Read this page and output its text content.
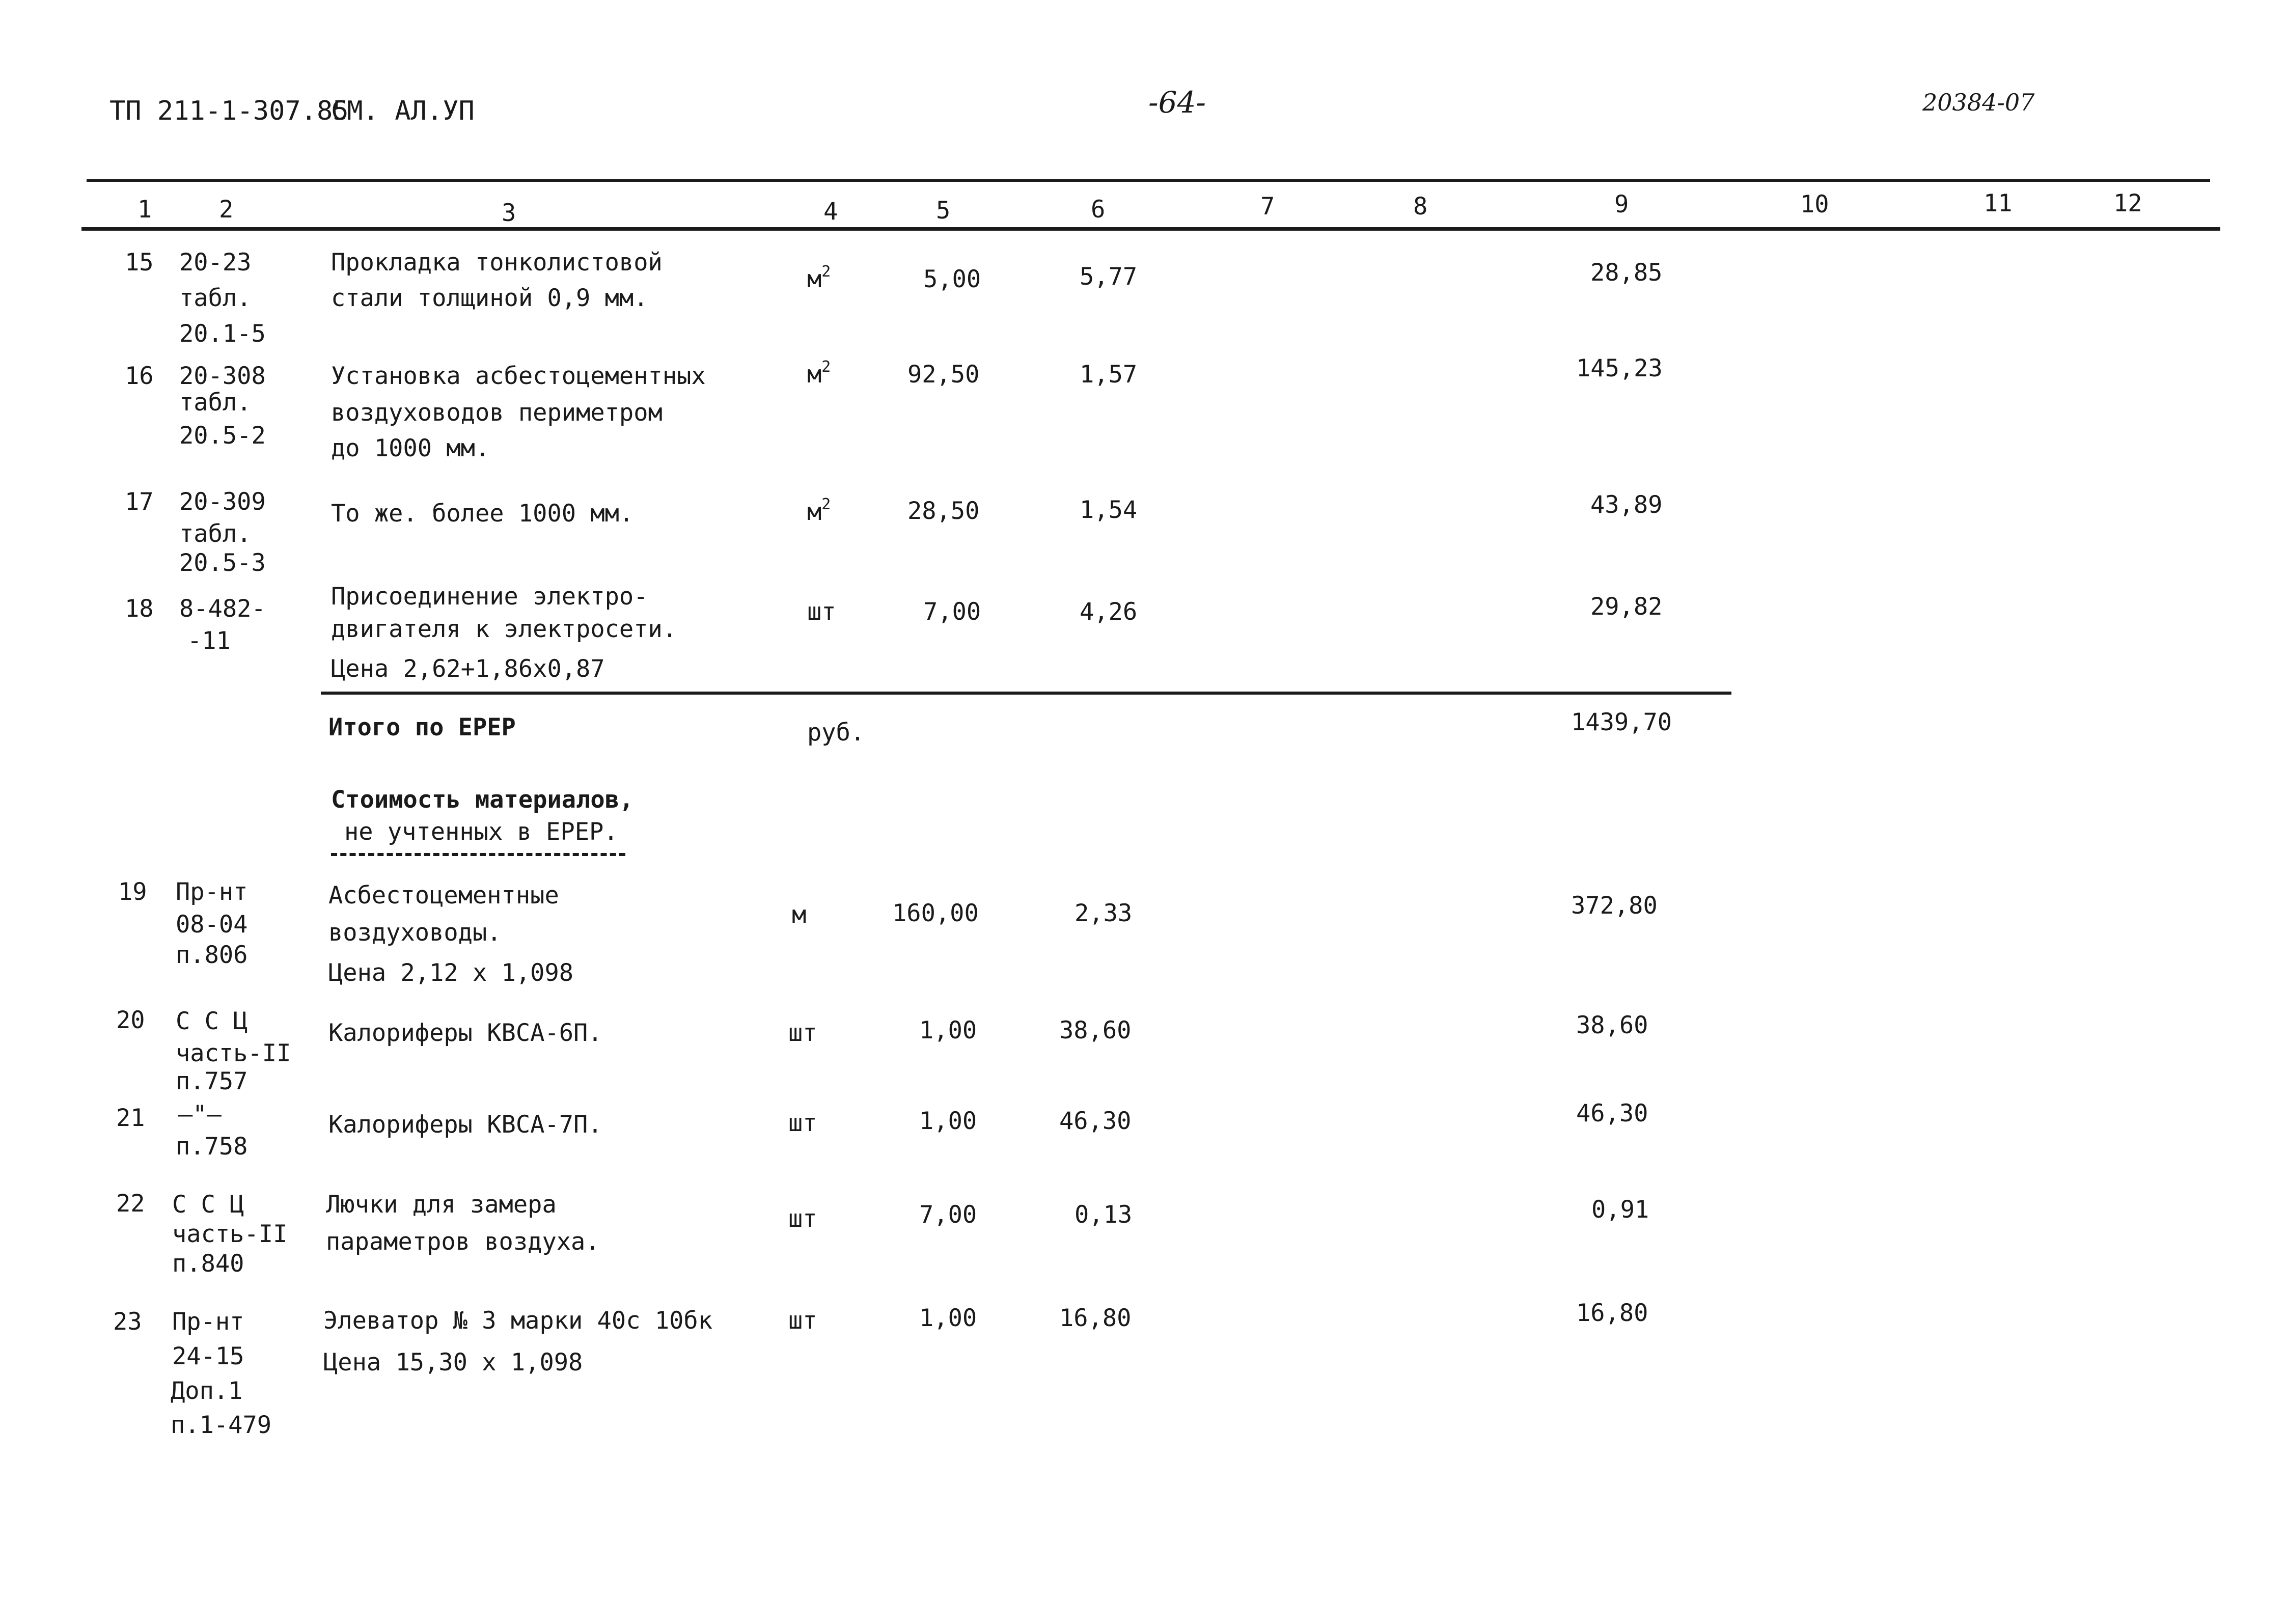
ТП 211-1-307.85
СМ. АЛ.УП	-64-	20384-07
1	2	3	4	5	6	7	8	9	10	11	12
15 20-23
табл.
20.1-5
Прокладка тонколистовой
стали толщиной 0,9 мм.
$м^2$	5,00	5,77	28,85
16 20-308
табл.
20.5-2
Установка асбестоцементных
воздуховодов периметром
до 1000 мм.
$м^2$	92,50	1,57	145,23
17 20-309
табл.
20.5-3
То же. более 1000 мм.	$м^2$	28,50	1,54	43,89
18 8-482-
-11
Присоединение электро-
двигателя к электросети.
Цена 2,62+1,86х0,87
шт	7,00	4,26	29,82
Итого по ЕРЕР	руб.	1439,70
Стоимость материалов,
не учтенных в ЕРЕР.
19 Пр-нт
08-04
п.806
Асбестоцементные
воздуховоды.
Цена 2,12 х 1,098
м	160,00	2,33	372,80
20 С С Ц
часть-II
п.757
Калориферы КВСА-6П.	шт	1,00	38,60	38,60
21 —"—
п.758
Калориферы КВСА-7П.	шт	1,00	46,30	46,30
22 С С Ц
часть-II
п.840
Лючки для замера
параметров воздуха.
шт	7,00	0,13	0,91
23 Пр-нт
24-15
Доп.1
п.1-479
Элеватор № 3 марки 40с 10бк
Цена 15,30 х 1,098
шт	1,00	16,80	16,80
